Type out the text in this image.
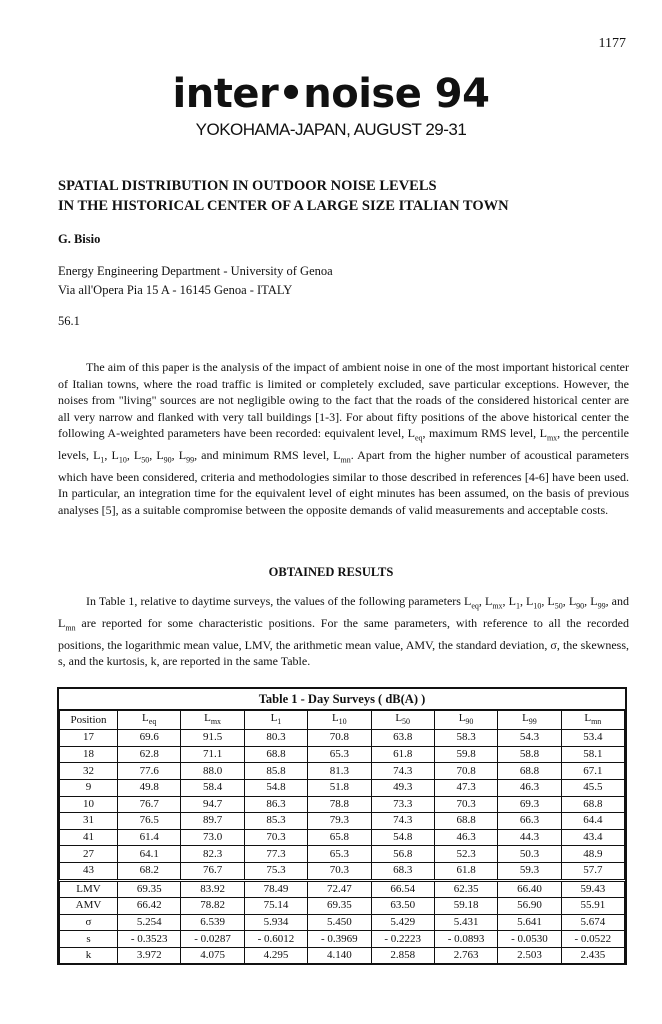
1177
inter•noise 94
YOKOHAMA-JAPAN, AUGUST 29-31
SPATIAL DISTRIBUTION IN OUTDOOR NOISE LEVELS
IN THE HISTORICAL CENTER OF A LARGE SIZE ITALIAN TOWN
G. Bisio
Energy Engineering Department - University of Genoa
Via all'Opera Pia 15 A - 16145 Genoa - ITALY
56.1
The aim of this paper is the analysis of the impact of ambient noise in one of the most important historical center of Italian towns, where the road traffic is limited or completely excluded, save particular exceptions. However, the noises from "living" sources are not negligible owing to the fact that the roads of the considered historical center are all very narrow and flanked with very tall buildings [1-3]. For about fifty positions of the above historical center the following A-weighted parameters have been recorded: equivalent level, $L_{eq}$, maximum RMS level, $L_{mx}$, the percentile levels, $L_1$, $L_{10}$, $L_{50}$, $L_{90}$, $L_{99}$, and minimum RMS level, $L_{mn}$. Apart from the higher number of acoustical parameters which have been considered, criteria and methodologies similar to those described in references [4-6] have been used. In particular, an integration time for the equivalent level of eight minutes has been assumed, on the basis of previous analyses [5], as a suitable compromise between the opposite demands of valid measurements and acceptable costs.
OBTAINED RESULTS
In Table 1, relative to daytime surveys, the values of the following parameters $L_{eq}$, $L_{mx}$, $L_1$, $L_{10}$, $L_{50}$, $L_{90}$, $L_{99}$, and $L_{mn}$ are reported for some characteristic positions. For the same parameters, with reference to all the recorded positions, the logarithmic mean value, LMV, the arithmetic mean value, AMV, the standard deviation, σ, the skewness, s, and the kurtosis, k, are reported in the same Table.
Table 1 - Day Surveys ( dB(A) )
Position	$L_{eq}$	$L_{mx}$	$L_1$	$L_{10}$	$L_{50}$	$L_{90}$	$L_{99}$	$L_{mn}$
17	69.6	91.5	80.3	70.8	63.8	58.3	54.3	53.4
18	62.8	71.1	68.8	65.3	61.8	59.8	58.8	58.1
32	77.6	88.0	85.8	81.3	74.3	70.8	68.8	67.1
9	49.8	58.4	54.8	51.8	49.3	47.3	46.3	45.5
10	76.7	94.7	86.3	78.8	73.3	70.3	69.3	68.8
31	76.5	89.7	85.3	79.3	74.3	68.8	66.3	64.4
41	61.4	73.0	70.3	65.8	54.8	46.3	44.3	43.4
27	64.1	82.3	77.3	65.3	56.8	52.3	50.3	48.9
43	68.2	76.7	75.3	70.3	68.3	61.8	59.3	57.7
LMV	69.35	83.92	78.49	72.47	66.54	62.35	66.40	59.43
AMV	66.42	78.82	75.14	69.35	63.50	59.18	56.90	55.91
σ	5.254	6.539	5.934	5.450	5.429	5.431	5.641	5.674
s	- 0.3523	- 0.0287	- 0.6012	- 0.3969	- 0.2223	- 0.0893	- 0.0530	- 0.0522
k	3.972	4.075	4.295	4.140	2.858	2.763	2.503	2.435
